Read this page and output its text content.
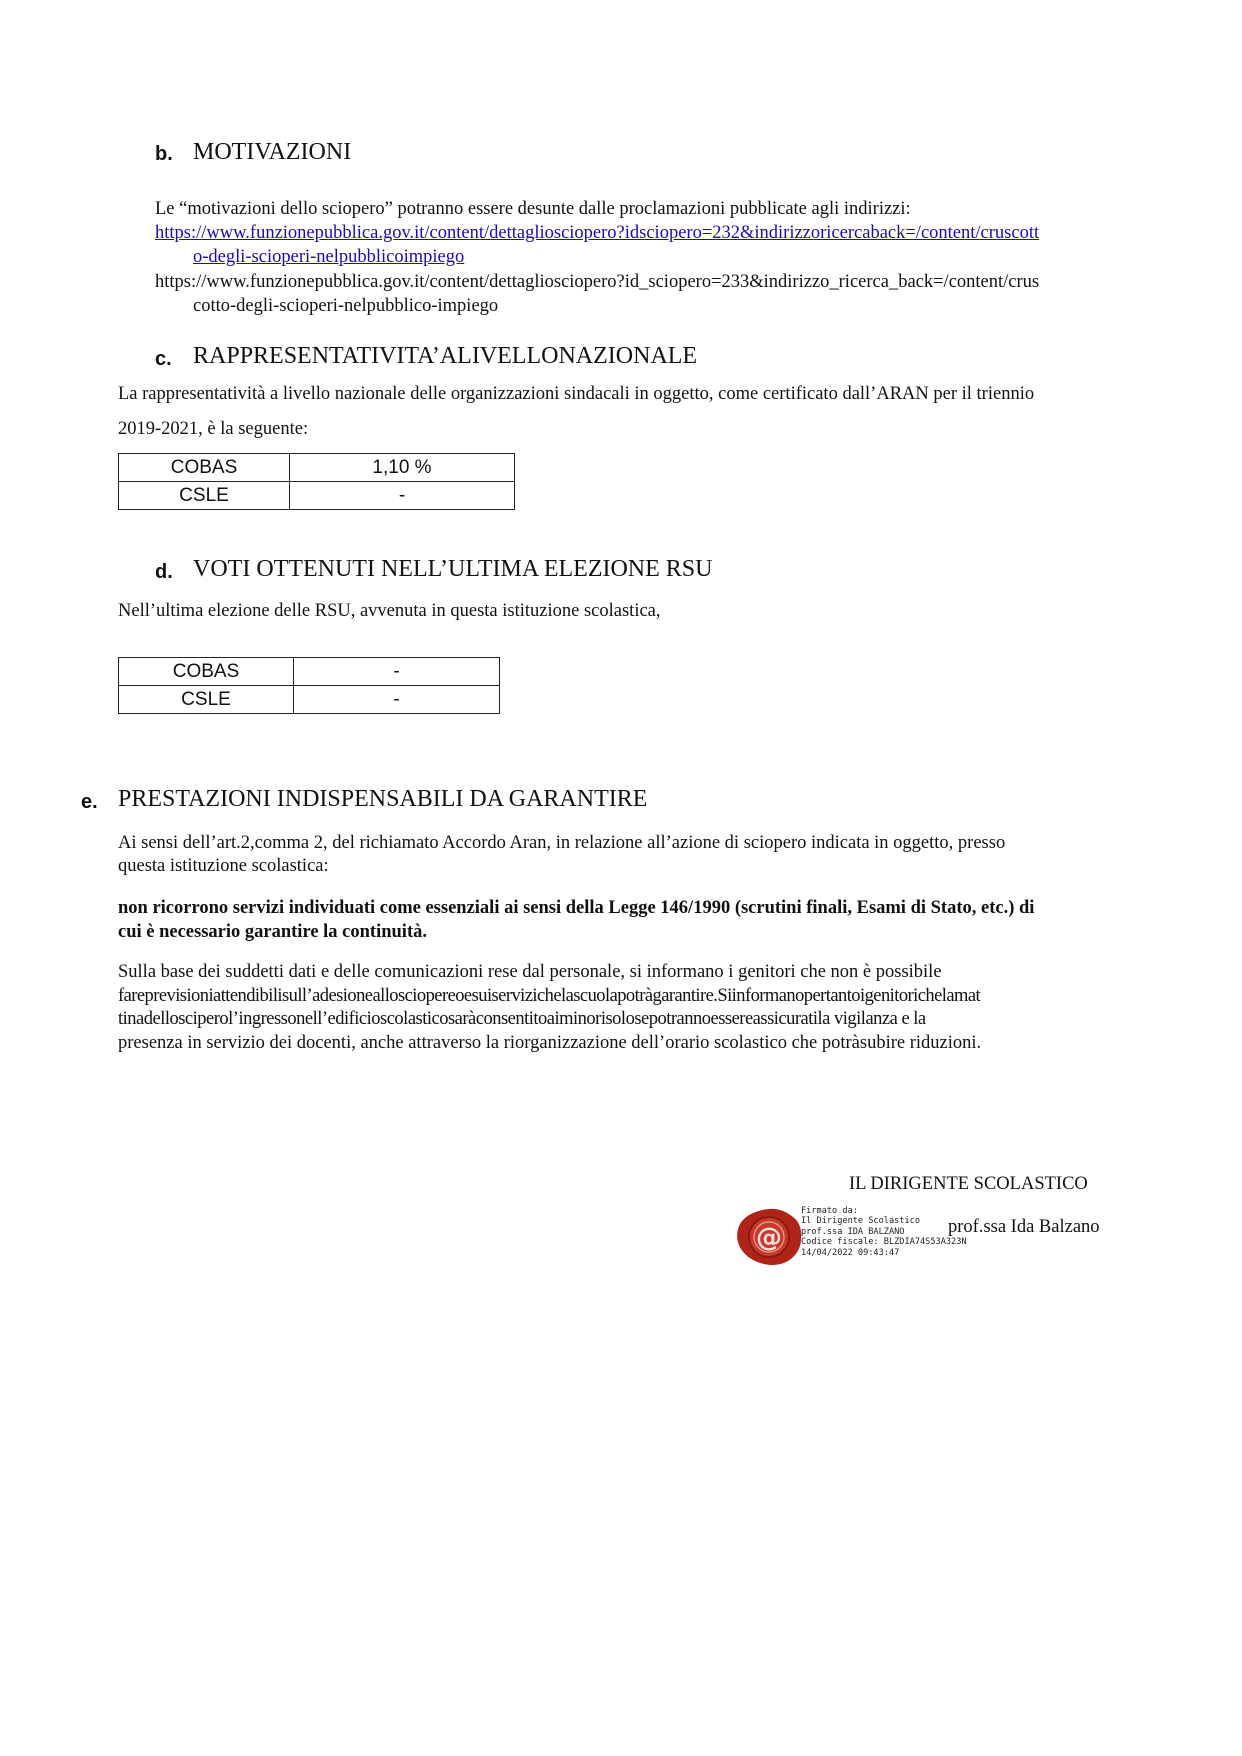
b. MOTIVAZIONI
Le “motivazioni dello sciopero” potranno essere desunte dalle proclamazioni pubblicate agli indirizzi:
https://www.funzionepubblica.gov.it/content/dettagliosciopero?idsciopero=232&indirizzoricercaback=/content/cruscott
o-degli-scioperi-nelpubblicoimpiego
https://www.funzionepubblica.gov.it/content/dettagliosciopero?id_sciopero=233&indirizzo_ricerca_back=/content/crus
cotto-degli-scioperi-nelpubblico-impiego
c. RAPPRESENTATIVITA’ALIVELLONAZIONALE
La rappresentatività a livello nazionale delle organizzazioni sindacali in oggetto, come certificato dall’ARAN per il triennio
2019-2021, è la seguente:
COBAS	1,10 %
CSLE	-
d. VOTI OTTENUTI NELL’ULTIMA ELEZIONE RSU
Nell’ultima elezione delle RSU, avvenuta in questa istituzione scolastica,
COBAS	-
CSLE	-
e. PRESTAZIONI INDISPENSABILI DA GARANTIRE
Ai sensi dell’art.2,comma 2, del richiamato Accordo Aran, in relazione all’azione di sciopero indicata in oggetto, presso
questa istituzione scolastica:
non ricorrono servizi individuati come essenziali ai sensi della Legge 146/1990 (scrutini finali, Esami di Stato, etc.) di
cui è necessario garantire la continuità.
Sulla base dei suddetti dati e delle comunicazioni rese dal personale, si informano i genitori che non è possibile
fareprevisioniattendibilisull’adesioneallosciopereoesuiservizichelascuolapotràgarantire.Siinformanopertantoigenitorichelamat
tinadellosciperol’ingressonell’edificioscolasticosaràconsentitoaiminorisolosepotrannoessereassicuratila vigilanza e la
presenza in servizio dei docenti, anche attraverso la riorganizzazione dell’orario scolastico che potràsubire riduzioni.
IL DIRIGENTE SCOLASTICO
@
Firmato da:
Il Dirigente Scolastico
prof.ssa IDA BALZANO
Codice fiscale: BLZDIA74S53A323N
14/04/2022 09:43:47
prof.ssa Ida Balzano
